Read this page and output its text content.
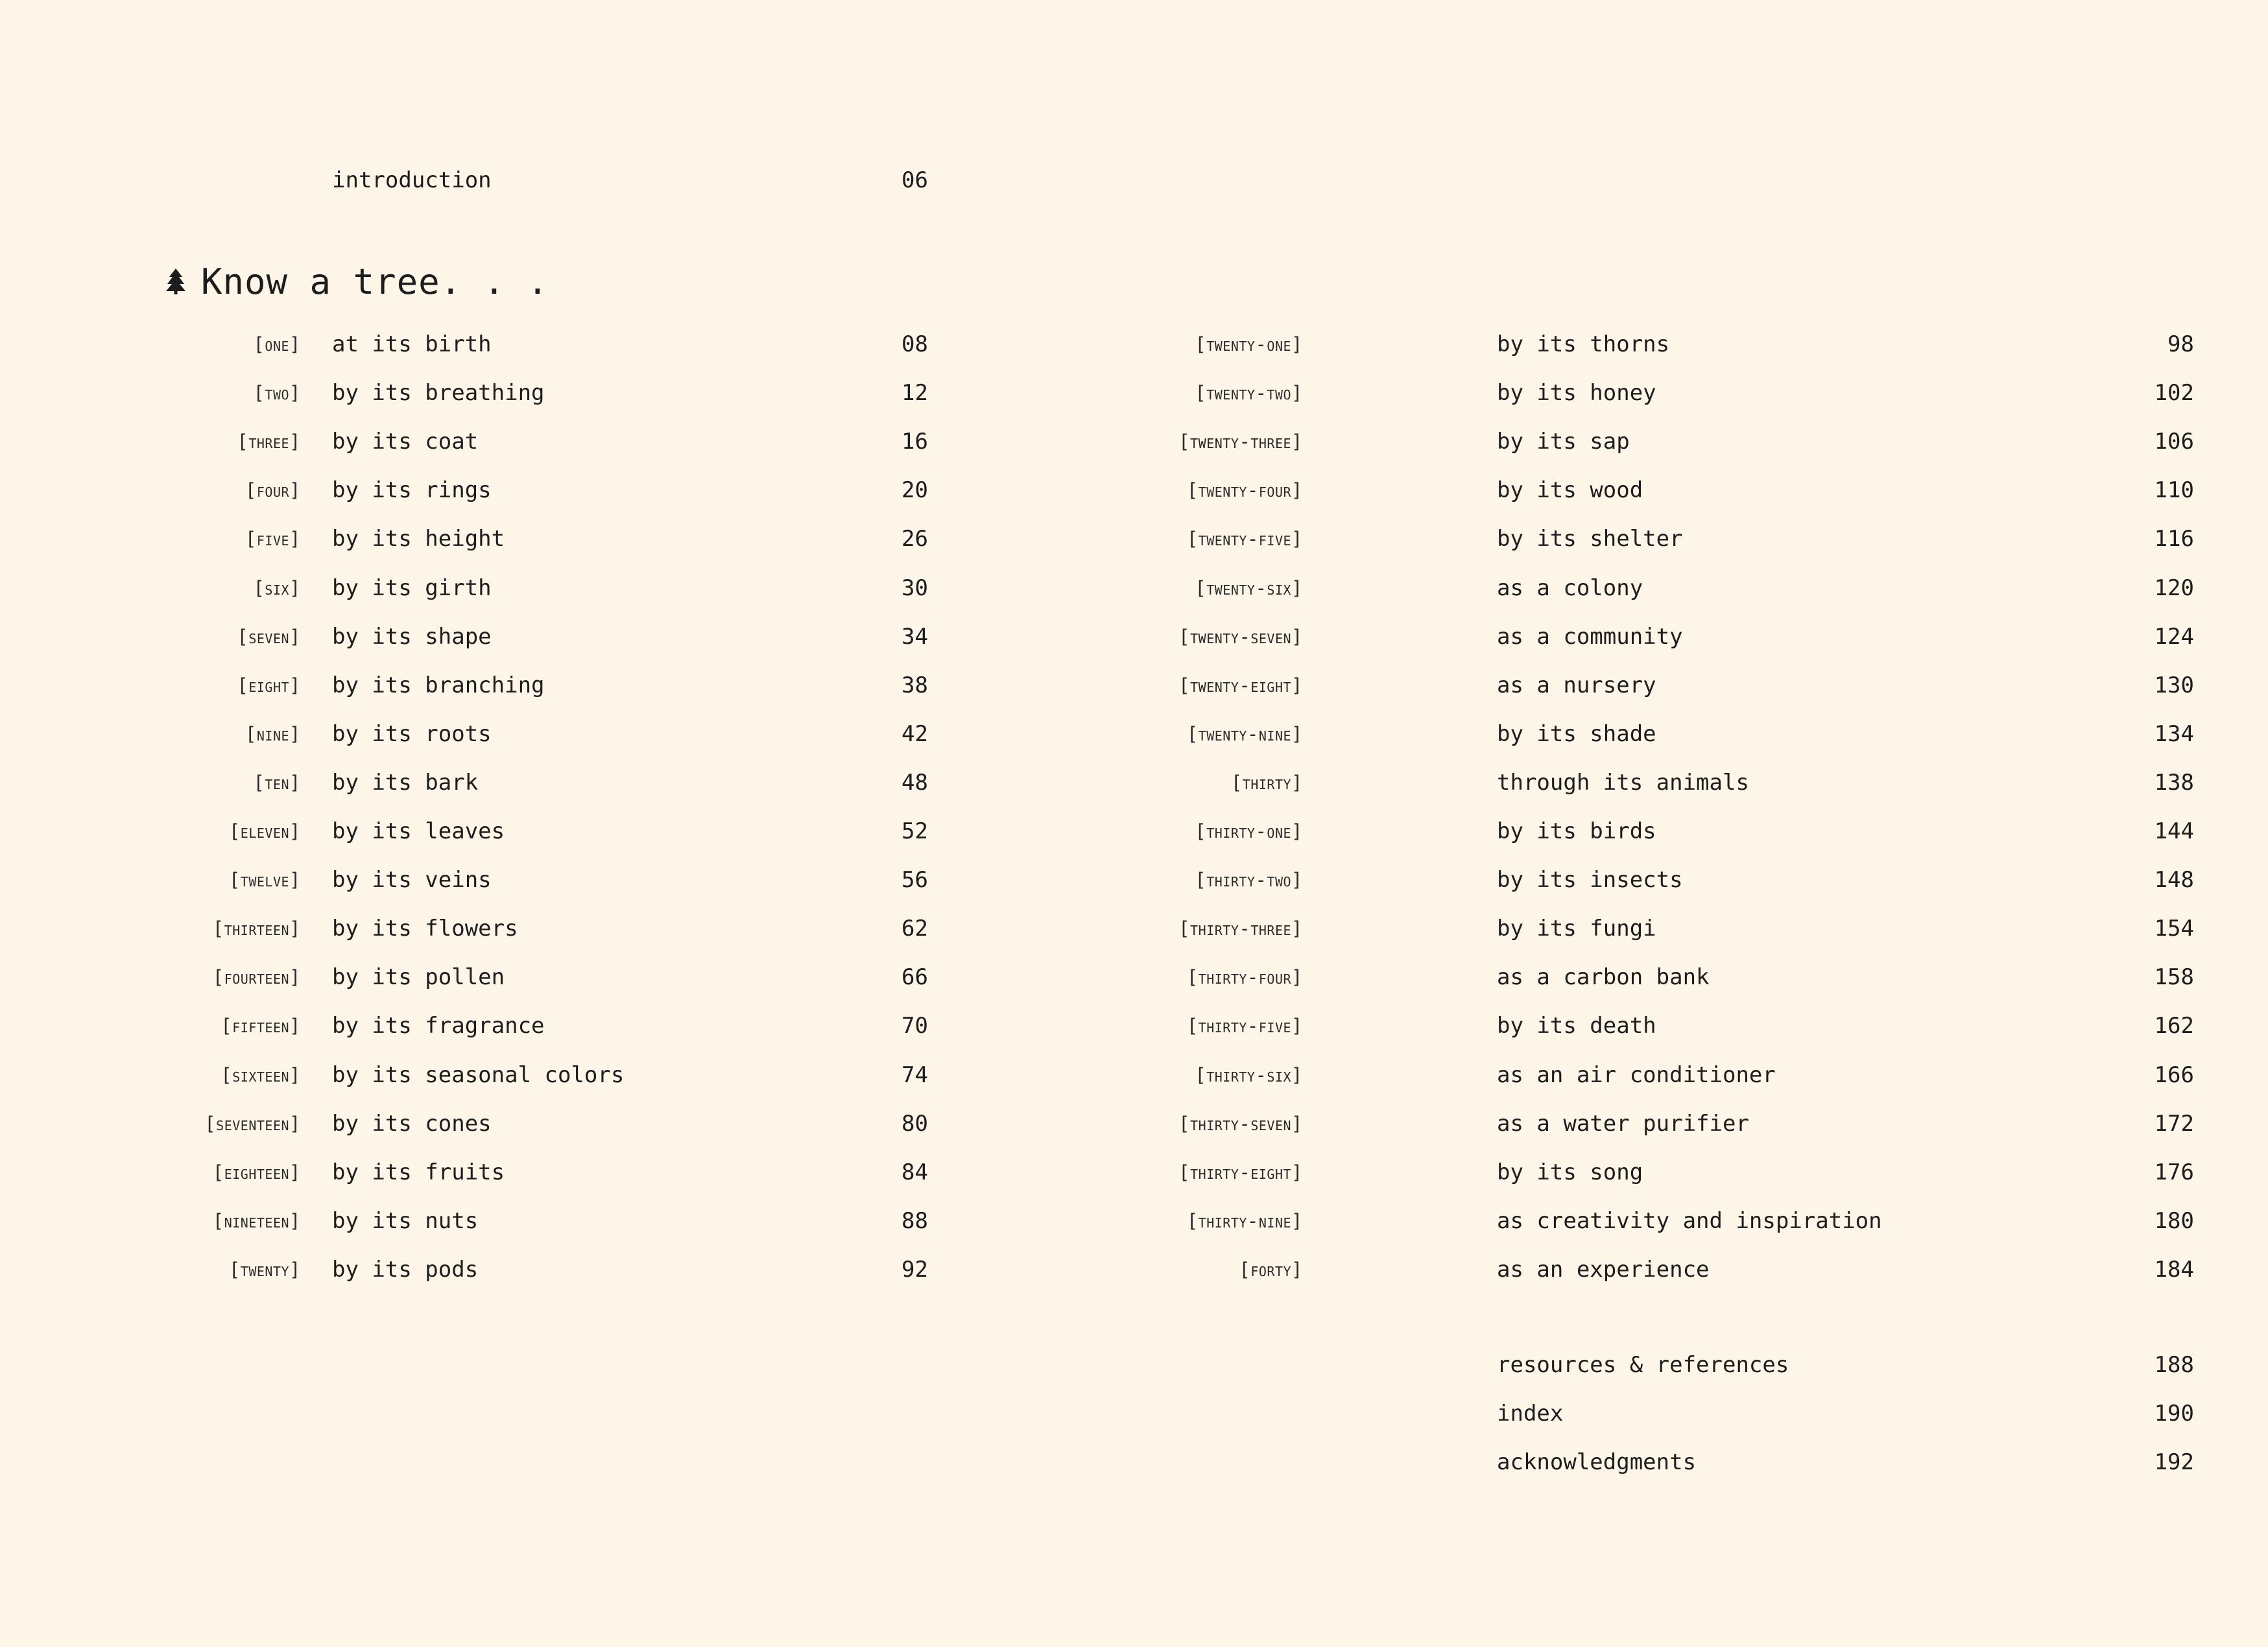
introduction	06
Know a tree. . .
[one] at its birth	08
[two] by its breathing	12
[three] by its coat	16
[four] by its rings	20
[five] by its height	26
[six] by its girth	30
[seven] by its shape	34
[eight] by its branching	38
[nine] by its roots	42
[ten] by its bark	48
[eleven] by its leaves	52
[twelve] by its veins	56
[thirteen] by its flowers	62
[fourteen] by its pollen	66
[fifteen] by its fragrance	70
[sixteen] by its seasonal colors	74
[seventeen] by its cones	80
[eighteen] by its fruits	84
[nineteen] by its nuts	88
[twenty] by its pods	92
[twenty-one]	by its thorns	98
[twenty-two]	by its honey	102
[twenty-three]	by its sap	106
[twenty-four]	by its wood	110
[twenty-five]	by its shelter	116
[twenty-six]	as a colony	120
[twenty-seven]	as a community	124
[twenty-eight]	as a nursery	130
[twenty-nine]	by its shade	134
[thirty]	through its animals	138
[thirty-one]	by its birds	144
[thirty-two]	by its insects	148
[thirty-three]	by its fungi	154
[thirty-four]	as a carbon bank	158
[thirty-five]	by its death	162
[thirty-six]	as an air conditioner	166
[thirty-seven]	as a water purifier	172
[thirty-eight]	by its song	176
[thirty-nine]	as creativity and inspiration	180
[forty]	as an experience	184
resources & references	188
index	190
acknowledgments	192
